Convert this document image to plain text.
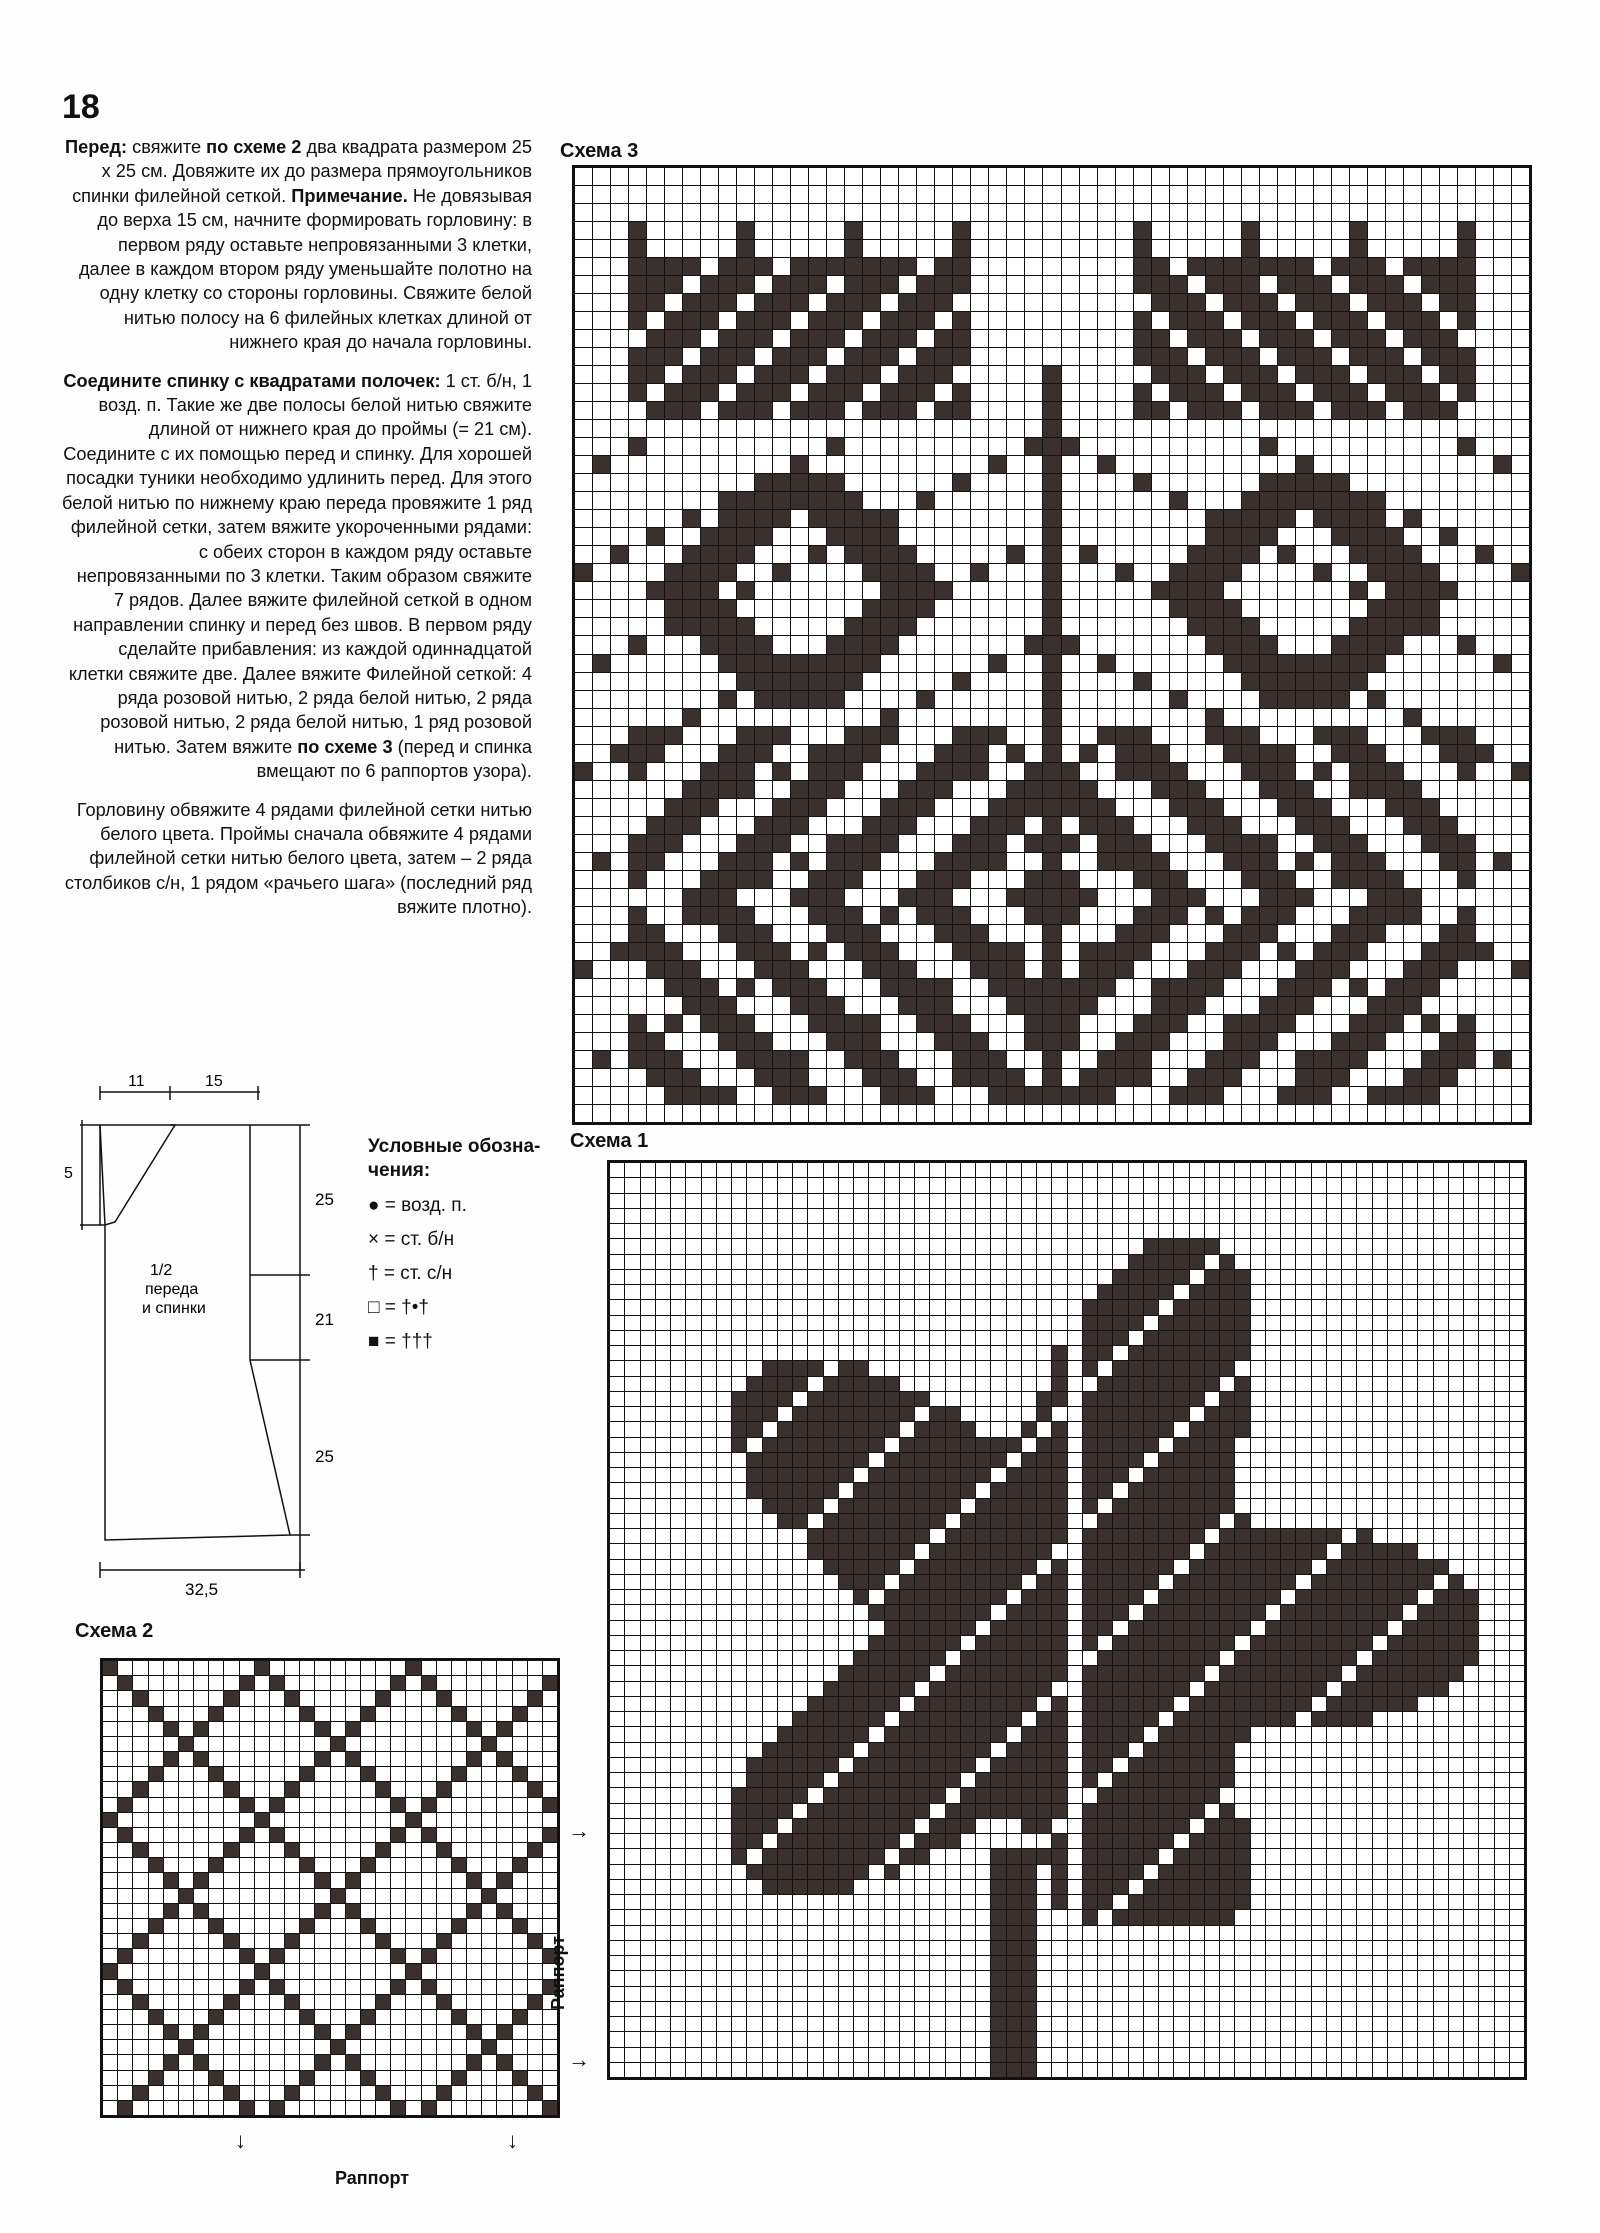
18

Перед: свяжите по схеме 2 два квадрата размером 25 х 25 см. Довяжите их до размера прямоугольников спинки филейной сеткой. Примечание. Не довязывая до верха 15 см, начните формировать горловину: в первом ряду оставьте непровязанными 3 клетки, далее в каждом втором ряду уменьшайте полотно на одну клетку со стороны горловины. Свяжите белой нитью полосу на 6 филейных клетках длиной от нижнего края до начала горловины.

Соедините спинку с квадратами полочек: 1 ст. б/н, 1 возд. п. Такие же две полосы белой нитью свяжите длиной от нижнего края до проймы (= 21 см). Соедините с их помощью перед и спинку. Для хорошей посадки туники необходимо удлинить перед. Для этого белой нитью по нижнему краю переда провяжите 1 ряд филейной сетки, затем вяжите укороченными рядами: с обеих сторон в каждом ряду оставьте непровязанными по 3 клетки. Таким образом свяжите 7 рядов. Далее вяжите филейной сеткой в одном направлении спинку и перед без швов. В первом ряду сделайте прибавления: из каждой одиннадцатой клетки свяжите две. Далее вяжите Филейной сеткой: 4 ряда розовой нитью, 2 ряда белой нитью, 2 ряда розовой нитью, 2 ряда белой нитью, 1 ряд розовой нитью. Затем вяжите по схеме 3 (перед и спинка вмещают по 6 раппортов узора).

Горловину обвяжите 4 рядами филейной сетки нитью белого цвета. Проймы сначала обвяжите 4 рядами филейной сетки нитью белого цвета, затем – 2 ряда столбиков с/н, 1 рядом «рачьего шага» (последний ряд вяжите плотно).

11	15
5
25
21
25
32,5
1/2
переда
и спинки
Условные обозна-
чения:
● = возд. п.
× = ст. б/н
† = ст. с/н
□ = †•†
■ = †††
Схема 3
Схема 1
Схема 2
Раппорт
Раппорт
↓	↓
→
→
